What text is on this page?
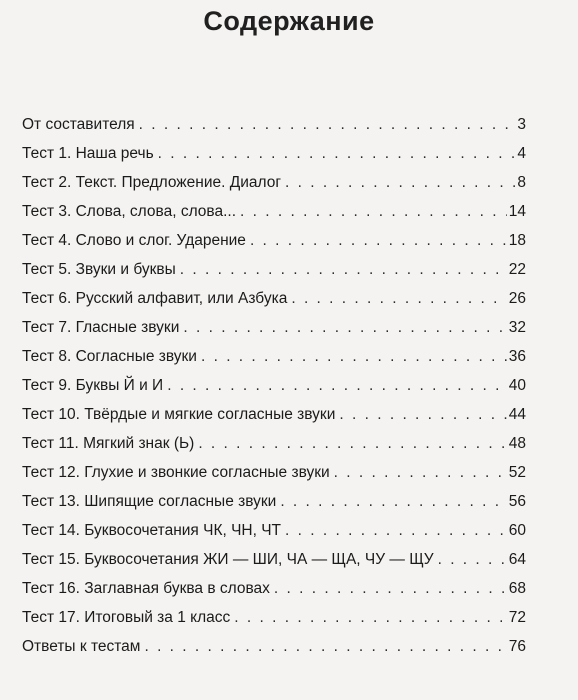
Содержание
От составителя . . .	3
Тест 1. Наша речь . . .	4
Тест 2. Текст. Предложение. Диалог . . .	8
Тест 3. Слова, слова, слова... . . .	14
Тест 4. Слово и слог. Ударение . . .	18
Тест 5. Звуки и буквы . . .	22
Тест 6. Русский алфавит, или Азбука . . .	26
Тест 7. Гласные звуки . . .	32
Тест 8. Согласные звуки . . .	36
Тест 9. Буквы Й и И . . .	40
Тест 10. Твёрдые и мягкие согласные звуки . . .	44
Тест 11. Мягкий знак (Ь) . . .	48
Тест 12. Глухие и звонкие согласные звуки . . .	52
Тест 13. Шипящие согласные звуки . . .	56
Тест 14. Буквосочетания ЧК, ЧН, ЧТ . . .	60
Тест 15. Буквосочетания ЖИ — ШИ, ЧА — ЩА, ЧУ — ЩУ . . .	64
Тест 16. Заглавная буква в словах . . .	68
Тест 17. Итоговый за 1 класс . . .	72
Ответы к тестам . . .	76
